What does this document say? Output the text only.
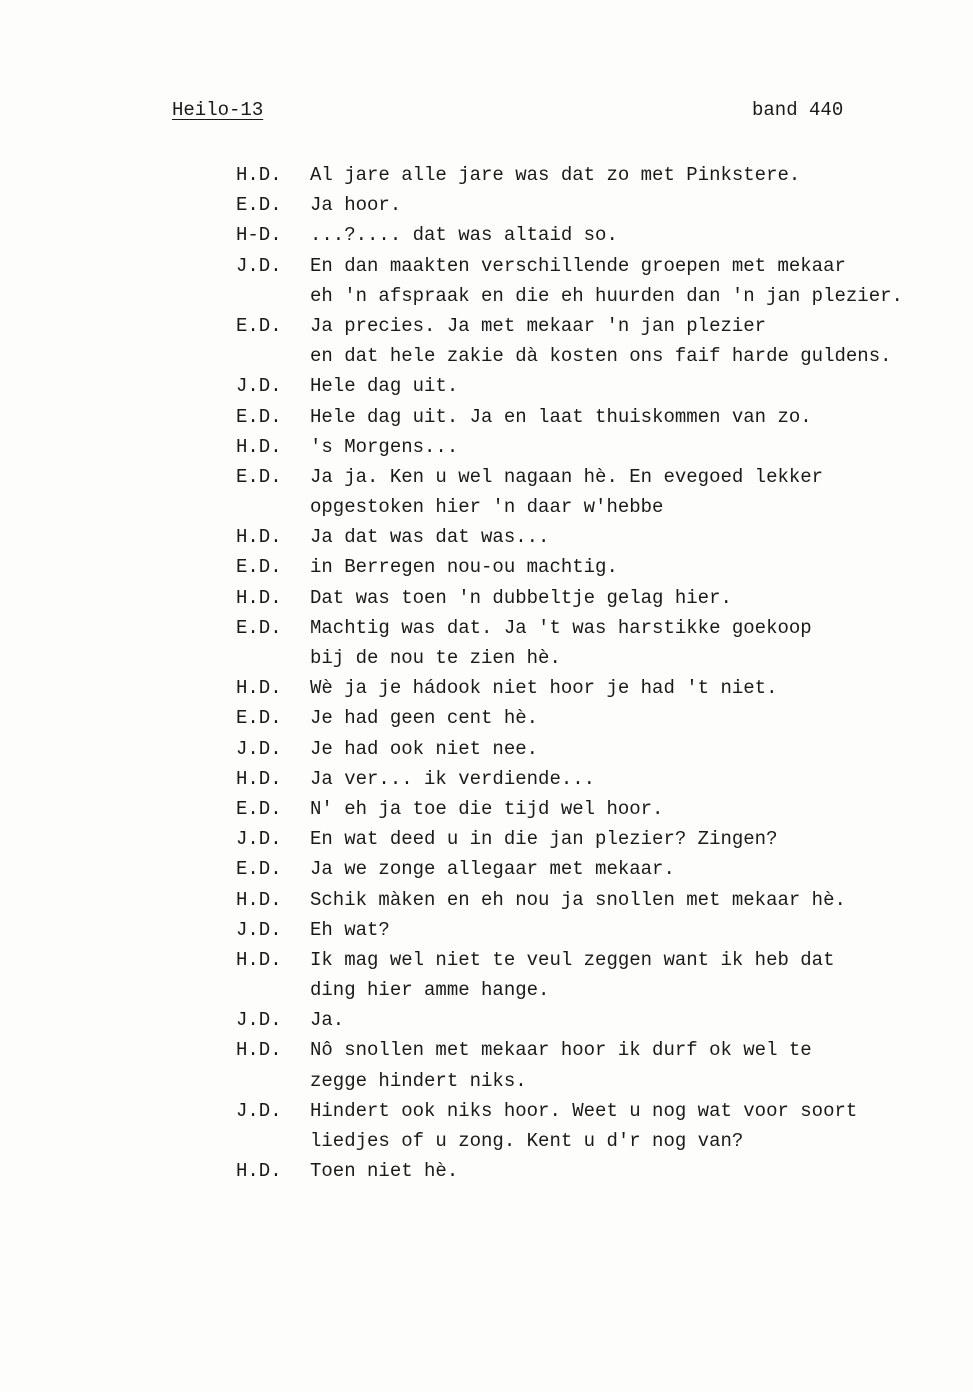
Heilo-13	band 440
H.D. Al jare alle jare was dat zo met Pinkstere.
E.D. Ja hoor.
H-D. ...?.... dat was altaid so.
J.D. En dan maakten verschillende groepen met mekaar
eh 'n afspraak en die eh huurden dan 'n jan plezier.
E.D. Ja precies. Ja met mekaar 'n jan plezier
en dat hele zakie dà kosten ons faif harde guldens.
J.D. Hele dag uit.
E.D. Hele dag uit. Ja en laat thuiskommen van zo.
H.D. 's Morgens...
E.D. Ja ja. Ken u wel nagaan hè. En evegoed lekker
opgestoken hier 'n daar w'hebbe
H.D. Ja dat was dat was...
E.D. in Berregen nou-ou machtig.
H.D. Dat was toen 'n dubbeltje gelag hier.
E.D. Machtig was dat. Ja 't was harstikke goekoop
bij de nou te zien hè.
H.D. Wè ja je hádook niet hoor je had 't niet.
E.D. Je had geen cent hè.
J.D. Je had ook niet nee.
H.D. Ja ver... ik verdiende...
E.D. N' eh ja toe die tijd wel hoor.
J.D. En wat deed u in die jan plezier? Zingen?
E.D. Ja we zonge allegaar met mekaar.
H.D. Schik màken en eh nou ja snollen met mekaar hè.
J.D. Eh wat?
H.D. Ik mag wel niet te veul zeggen want ik heb dat
ding hier amme hange.
J.D. Ja.
H.D. Nô snollen met mekaar hoor ik durf ok wel te
zegge hindert niks.
J.D. Hindert ook niks hoor. Weet u nog wat voor soort
liedjes of u zong. Kent u d'r nog van?
H.D. Toen niet hè.
